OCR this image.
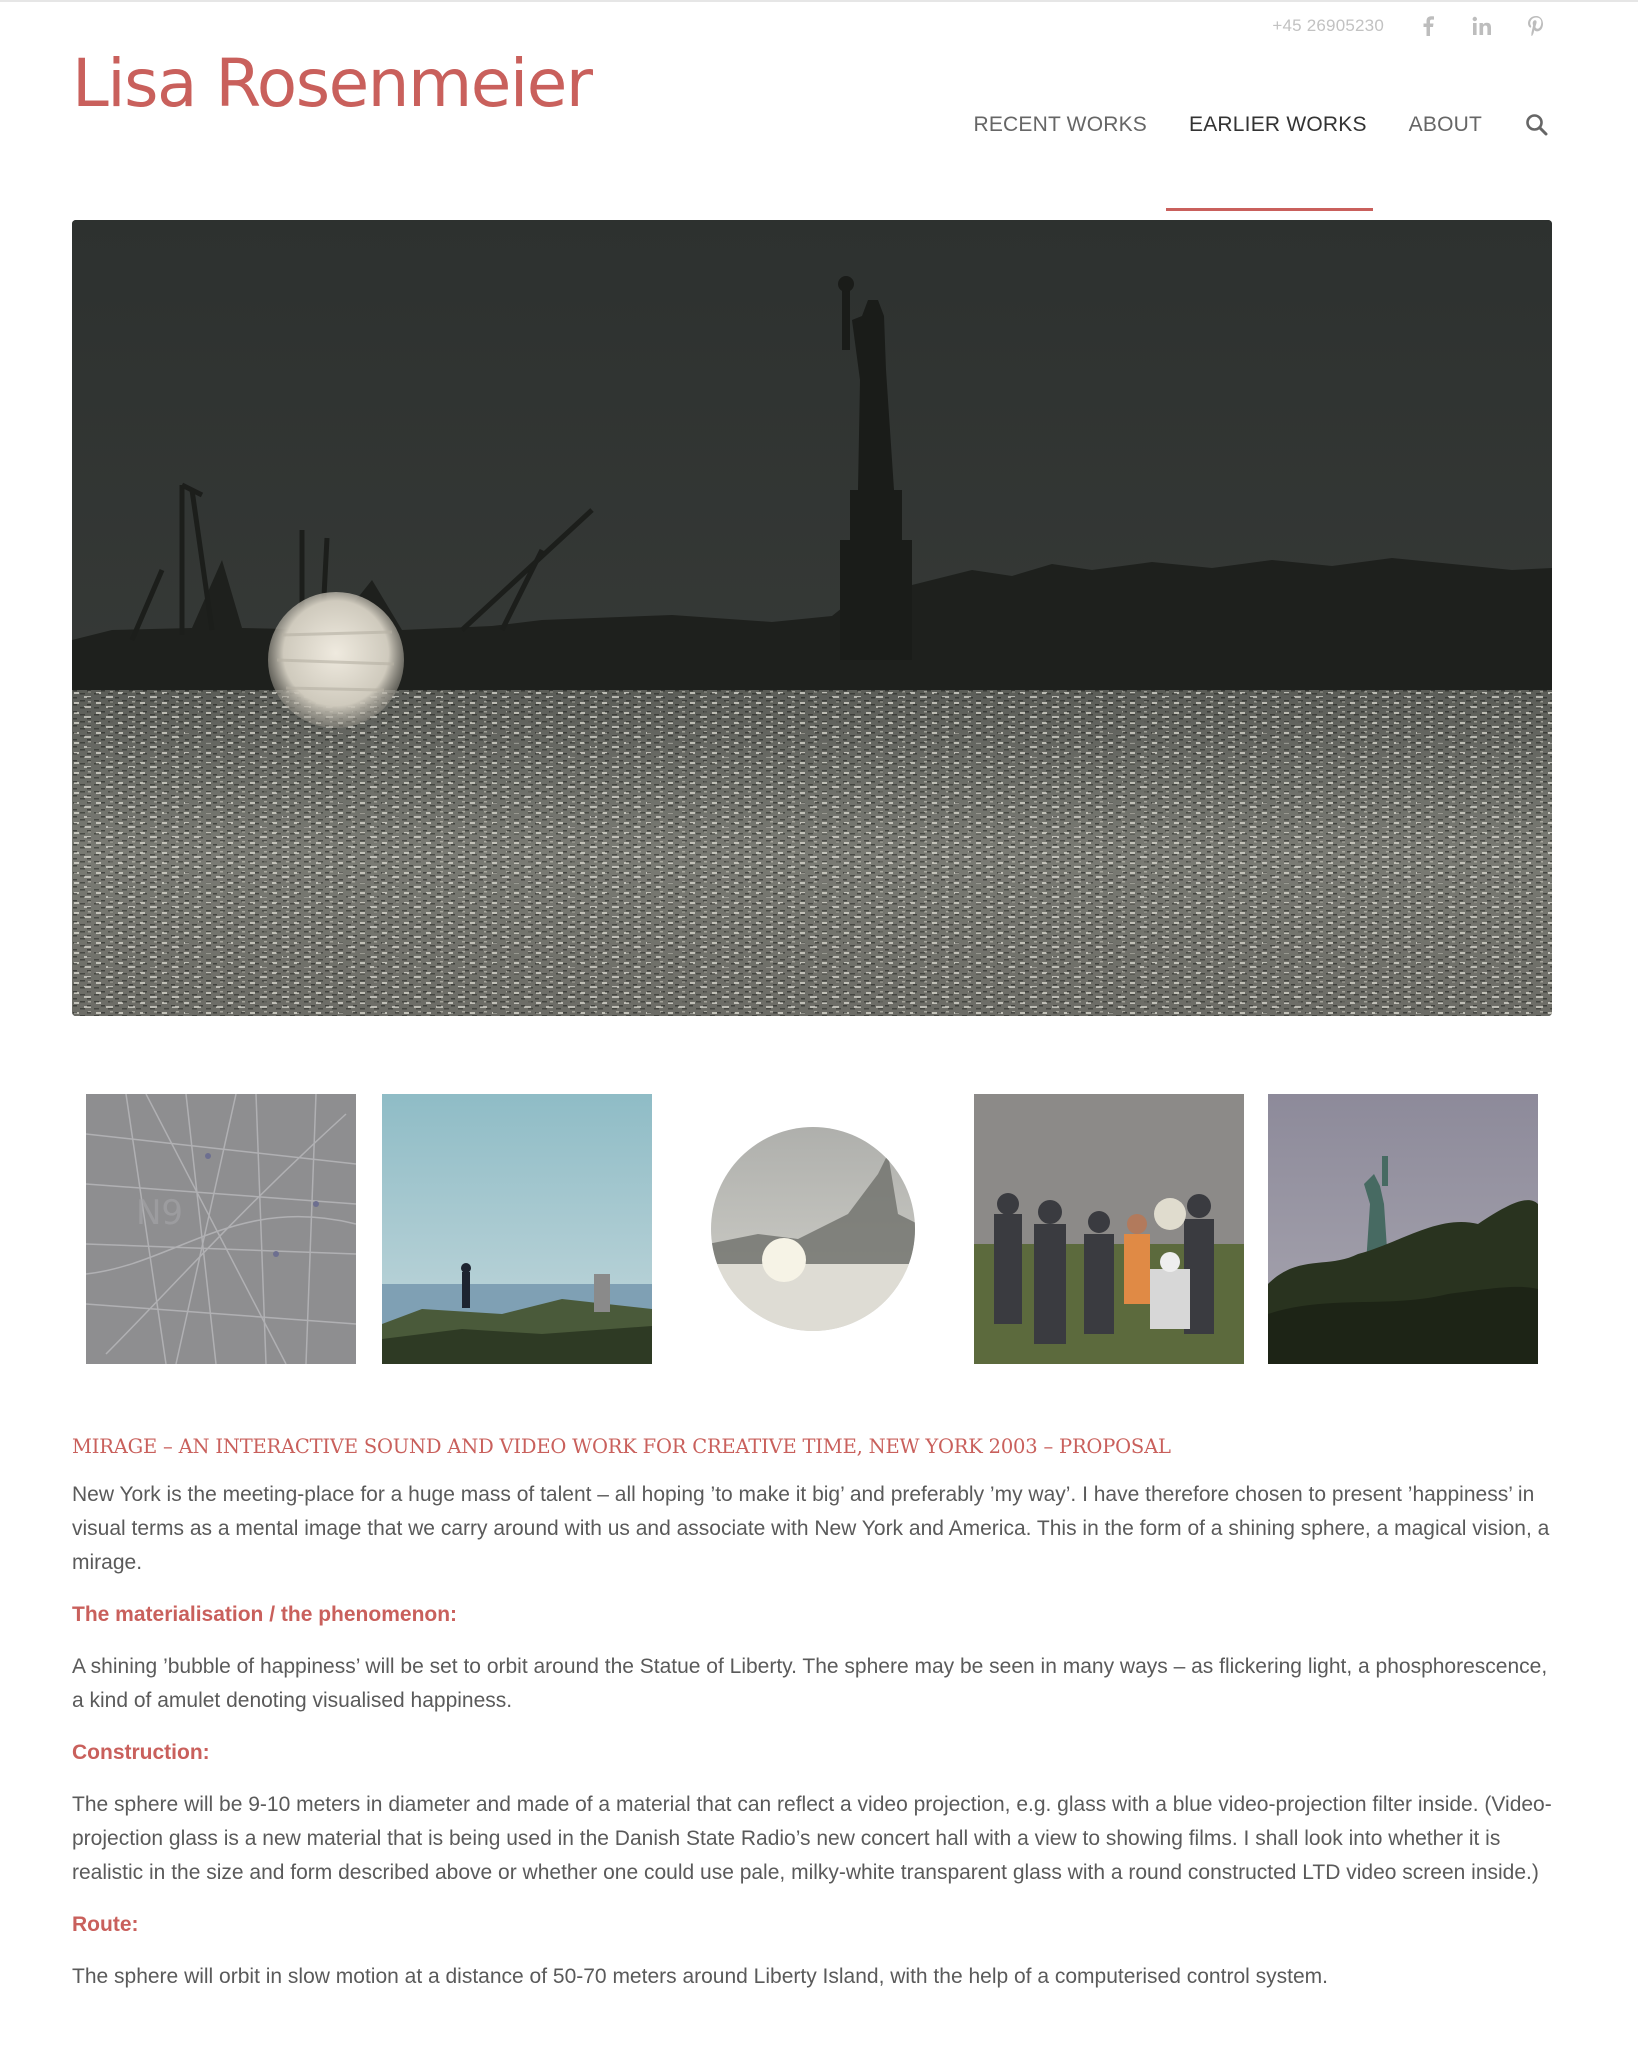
Lisa Rosenmeier
+45 26905230
RECENT WORKS EARLIER WORKS ABOUT
N9
MIRAGE – AN INTERACTIVE SOUND AND VIDEO WORK FOR CREATIVE TIME, NEW YORK 2003 – PROPOSAL

New York is the meeting-place for a huge mass of talent – all hoping ’to make it big’ and preferably ’my way’. I have therefore chosen to present ’happiness’ in visual terms as a mental image that we carry around with us and associate with New York and America. This in the form of a shining sphere, a magical vision, a mirage.

The materialisation / the phenomenon:

A shining ’bubble of happiness’ will be set to orbit around the Statue of Liberty. The sphere may be seen in many ways – as flickering light, a phosphorescence, a kind of amulet denoting visualised happiness.

Construction:

The sphere will be 9-10 meters in diameter and made of a material that can reflect a video projection, e.g. glass with a blue video-projection filter inside. (Video-projection glass is a new material that is being used in the Danish State Radio’s new concert hall with a view to showing films. I shall look into whether it is realistic in the size and form described above or whether one could use pale, milky-white transparent glass with a round constructed LTD video screen inside.)

Route:

The sphere will orbit in slow motion at a distance of 50-70 meters around Liberty Island, with the help of a computerised control system.
